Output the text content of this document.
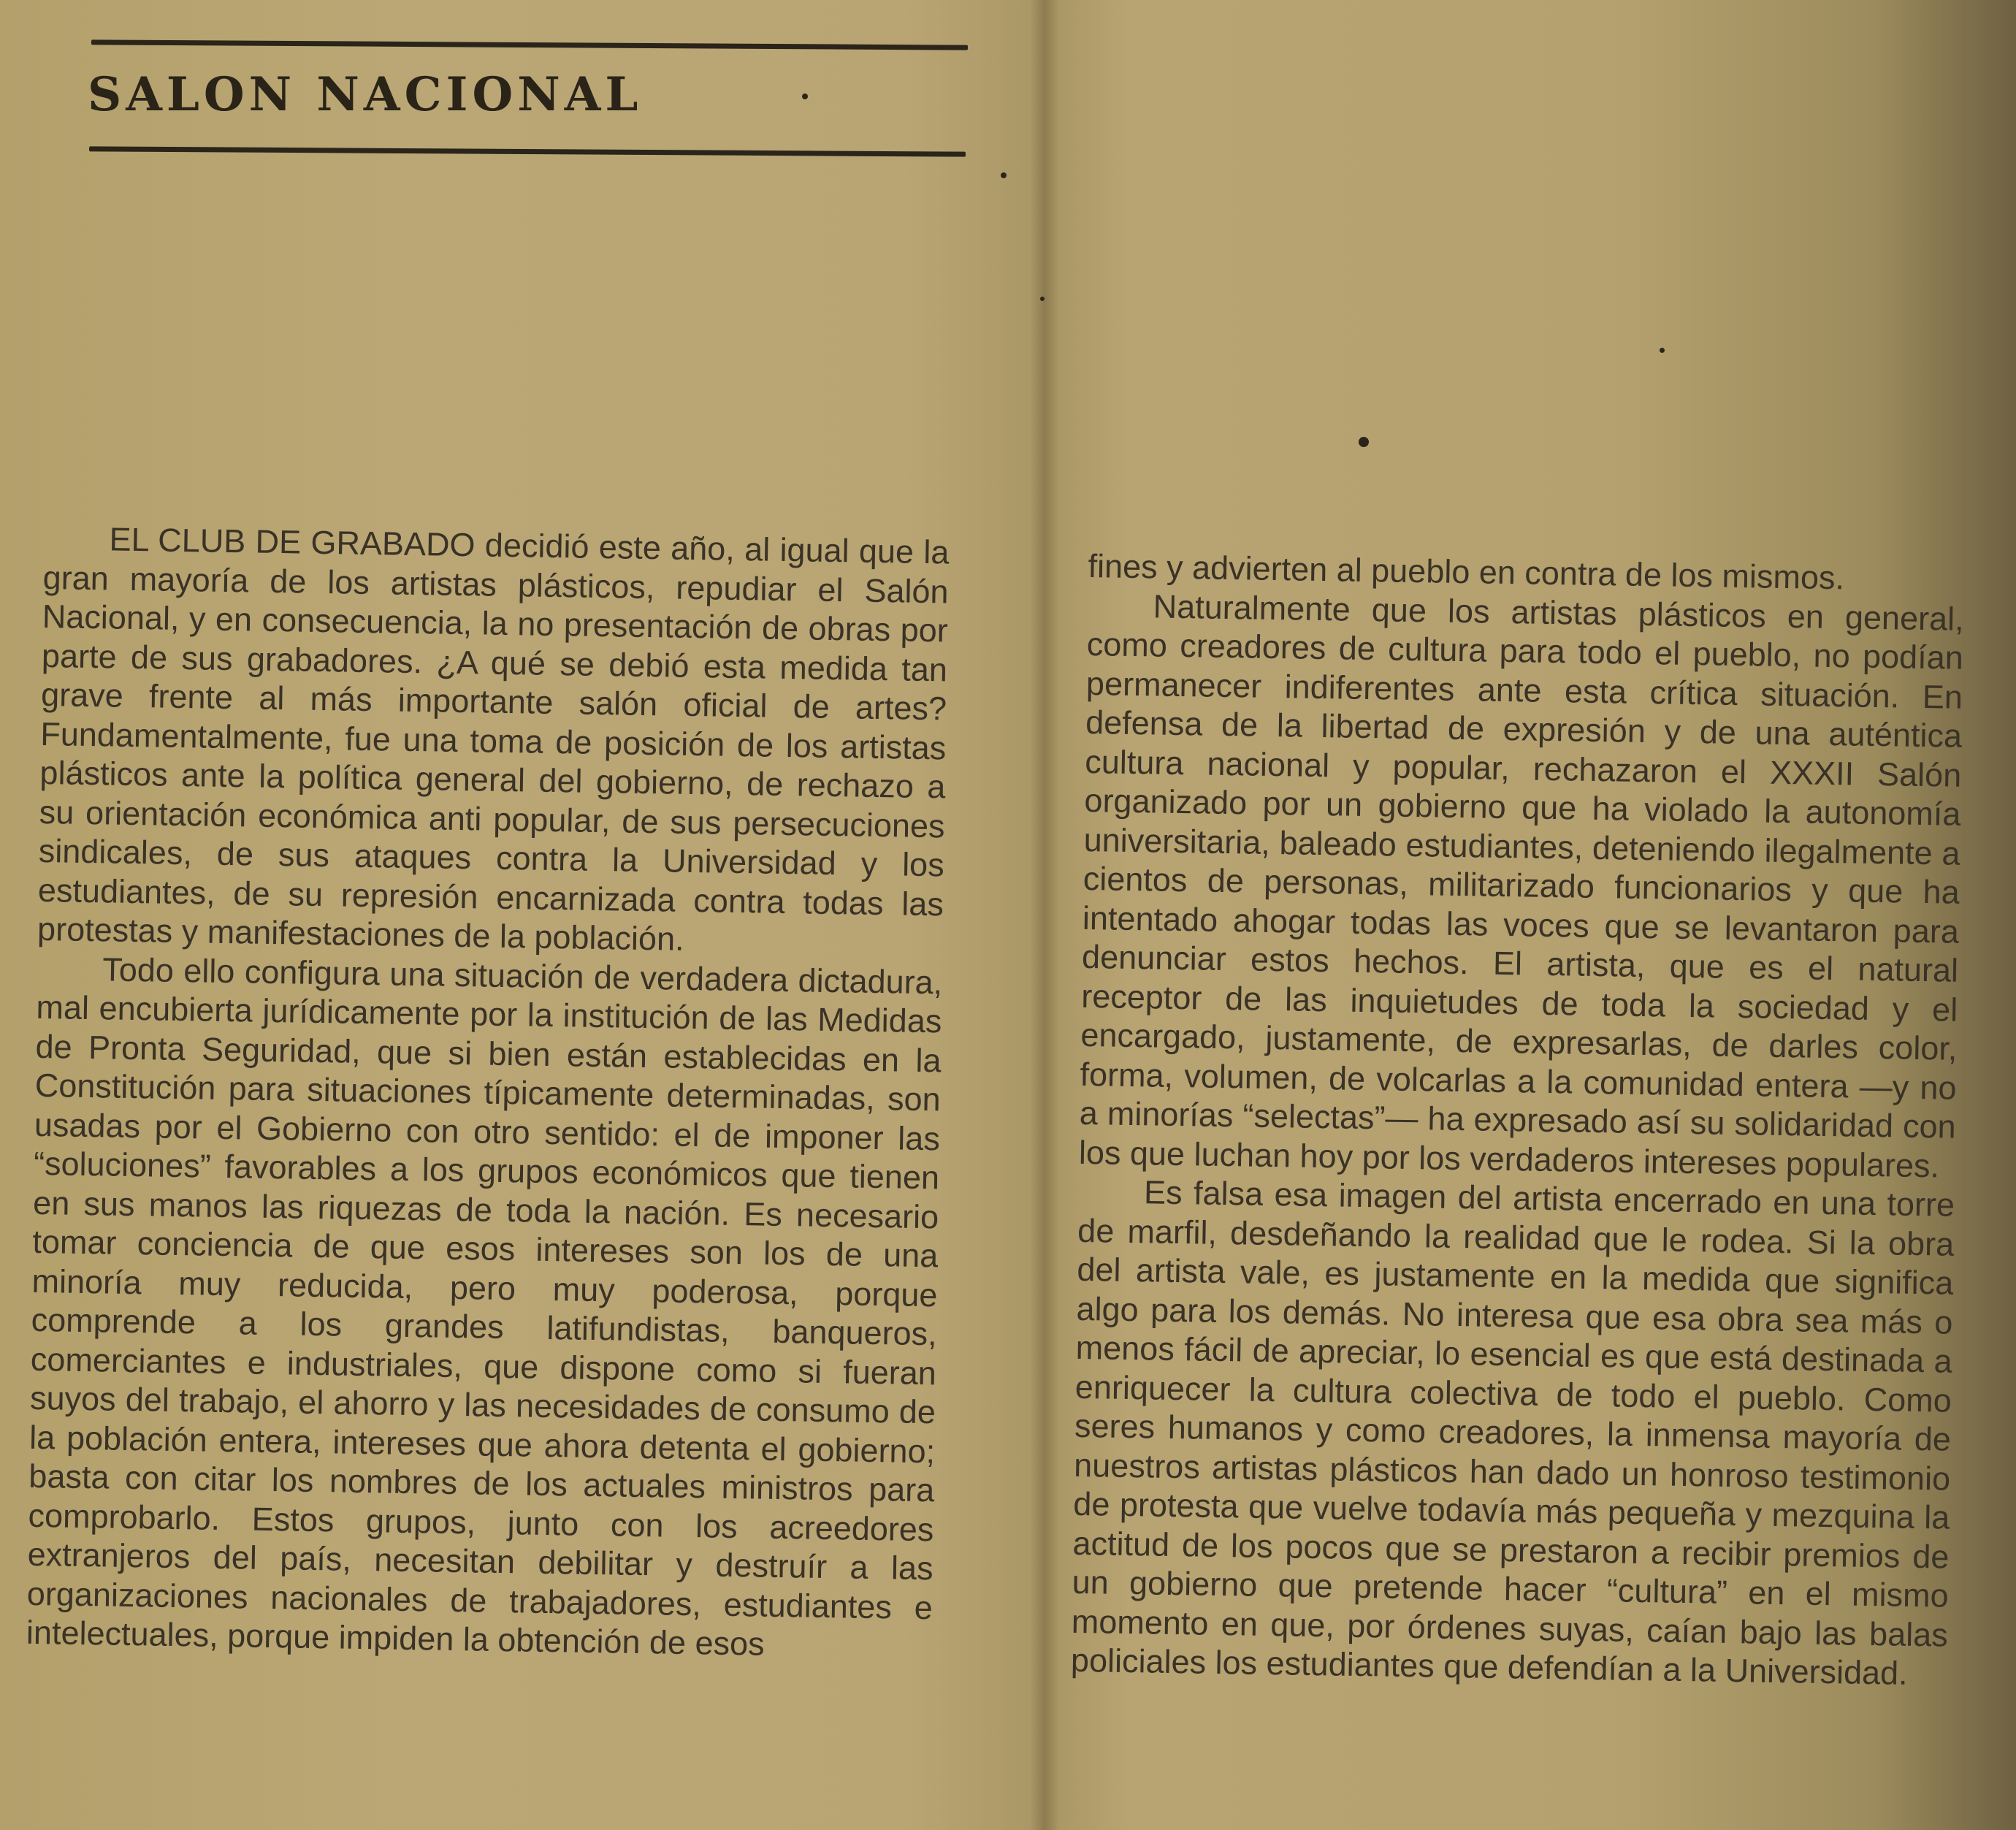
SALON NACIONAL

EL CLUB DE GRABADO decidió este año, al igual que la gran mayoría de los artistas plásticos, repudiar el Salón Nacional, y en consecuencia, la no presentación de obras por parte de sus grabadores. ¿A qué se debió esta medida tan grave frente al más importante salón oficial de artes? Fundamentalmente, fue una toma de posición de los artistas plásticos ante la política general del gobierno, de rechazo a su orientación económica anti popular, de sus persecuciones sindicales, de sus ataques contra la Universidad y los estudiantes, de su represión encarnizada contra todas las protestas y manifestaciones de la población.

Todo ello configura una situación de verdadera dictadura, mal encubierta jurídicamente por la institución de las Medidas de Pronta Seguridad, que si bien están establecidas en la Constitución para situaciones típicamente determinadas, son usadas por el Gobierno con otro sentido: el de imponer las “soluciones” favorables a los grupos económicos que tienen en sus manos las riquezas de toda la nación. Es necesario tomar conciencia de que esos intereses son los de una minoría muy reducida, pero muy poderosa, porque comprende a los grandes latifundistas, banqueros, comerciantes e industriales, que dispone como si fueran suyos del trabajo, el ahorro y las necesidades de consumo de la población entera, intereses que ahora detenta el gobierno; basta con citar los nombres de los actuales ministros para comprobarlo. Estos grupos, junto con los acreedores extranjeros del país, necesitan debilitar y destruír a las organizaciones nacionales de trabajadores, estudiantes e intelectuales, porque impiden la obtención de esos

fines y advierten al pueblo en contra de los mismos.

Naturalmente que los artistas plásticos en general, como creadores de cultura para todo el pueblo, no podían permanecer indiferentes ante esta crítica situación. En defensa de la libertad de expresión y de una auténtica cultura nacional y popular, rechazaron el XXXII Salón organizado por un gobierno que ha violado la autonomía universitaria, baleado estudiantes, deteniendo ilegalmente a cientos de personas, militarizado funcionarios y que ha intentado ahogar todas las voces que se levantaron para denunciar estos hechos. El artista, que es el natural receptor de las inquietudes de toda la sociedad y el encargado, justamente, de expresarlas, de darles color, forma, volumen, de volcarlas a la comunidad entera —y no a minorías “selectas”— ha expresado así su solidaridad con los que luchan hoy por los verdaderos intereses populares.

Es falsa esa imagen del artista encerrado en una torre de marfil, desdeñando la realidad que le rodea. Si la obra del artista vale, es justamente en la medida que significa algo para los demás. No interesa que esa obra sea más o menos fácil de apreciar, lo esencial es que está destinada a enriquecer la cultura colectiva de todo el pueblo. Como seres humanos y como creadores, la inmensa mayoría de nuestros artistas plásticos han dado un honroso testimonio de protesta que vuelve todavía más pequeña y mezquina la actitud de los pocos que se prestaron a recibir premios de un gobierno que pretende hacer “cultura” en el mismo momento en que, por órdenes suyas, caían bajo las balas policiales los estudiantes que defendían a la Universidad.
